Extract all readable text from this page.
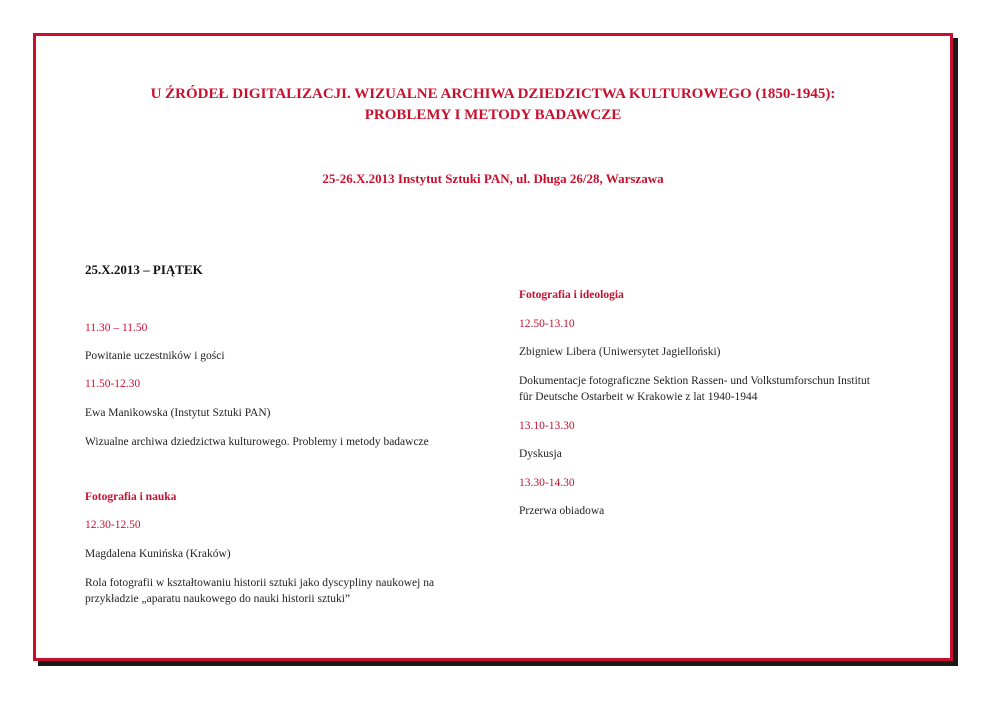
U ŹRÓDEŁ DIGITALIZACJI. WIZUALNE ARCHIWA DZIEDZICTWA KULTUROWEGO (1850-1945):
PROBLEMY I METODY BADAWCZE
25-26.X.2013 Instytut Sztuki PAN, ul. Długa 26/28, Warszawa
25.X.2013 – PIĄTEK
11.30 – 11.50
Powitanie uczestników i gości
11.50-12.30
Ewa Manikowska (Instytut Sztuki PAN)
Wizualne archiwa dziedzictwa kulturowego. Problemy i metody badawcze
Fotografia i nauka
12.30-12.50
Magdalena Kunińska (Kraków)
Rola fotografii w kształtowaniu historii sztuki jako dyscypliny naukowej na
przykładzie „aparatu naukowego do nauki historii sztuki”
Fotografia i ideologia
12.50-13.10
Zbigniew Libera (Uniwersytet Jagielloński)
Dokumentacje fotograficzne Sektion Rassen- und Volkstumforschun Institut
für Deutsche Ostarbeit w Krakowie z lat 1940-1944
13.10-13.30
Dyskusja
13.30-14.30
Przerwa obiadowa
